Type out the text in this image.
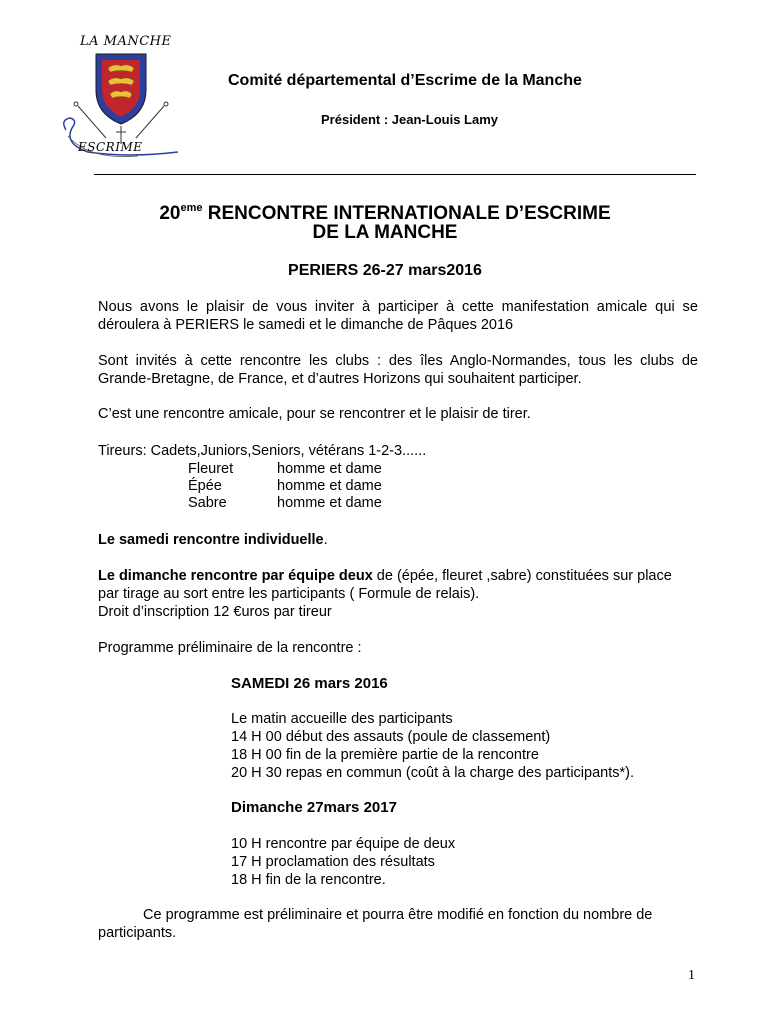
LA MANCHE
ESCRIME
Comité départemental d’Escrime de la Manche
Président : Jean-Louis Lamy
20eme RENCONTRE INTERNATIONALE D’ESCRIME
DE LA MANCHE
PERIERS 26-27 mars2016
Nous avons le plaisir de vous inviter à participer à cette manifestation amicale qui se
déroulera à PERIERS le samedi et le dimanche de Pâques 2016
Sont invités à cette rencontre les clubs : des îles Anglo-Normandes, tous les clubs de
Grande-Bretagne, de France, et d’autres Horizons qui souhaitent participer.
C’est une rencontre amicale, pour se rencontrer et le plaisir de tirer.
Tireurs: Cadets,Juniors,Seniors, vétérans 1-2-3......
Fleuret	homme et dame
Épée	homme et dame
Sabre	homme et dame
Le samedi rencontre individuelle.
Le dimanche rencontre par équipe deux de (épée, fleuret ,sabre) constituées sur place
par tirage au sort entre les participants ( Formule de relais).
Droit d’inscription 12 €uros par tireur
Programme préliminaire de la rencontre :
SAMEDI 26 mars 2016
Le matin accueille des participants
14 H 00 début des assauts (poule de classement)
18 H 00 fin de la première partie de la rencontre
20 H 30 repas en commun (coût à la charge des participants*).
Dimanche 27mars 2017
10 H rencontre par équipe de deux
17 H proclamation des résultats
18 H fin de la rencontre.
Ce programme est préliminaire et pourra être modifié en fonction du nombre de
participants.
1
